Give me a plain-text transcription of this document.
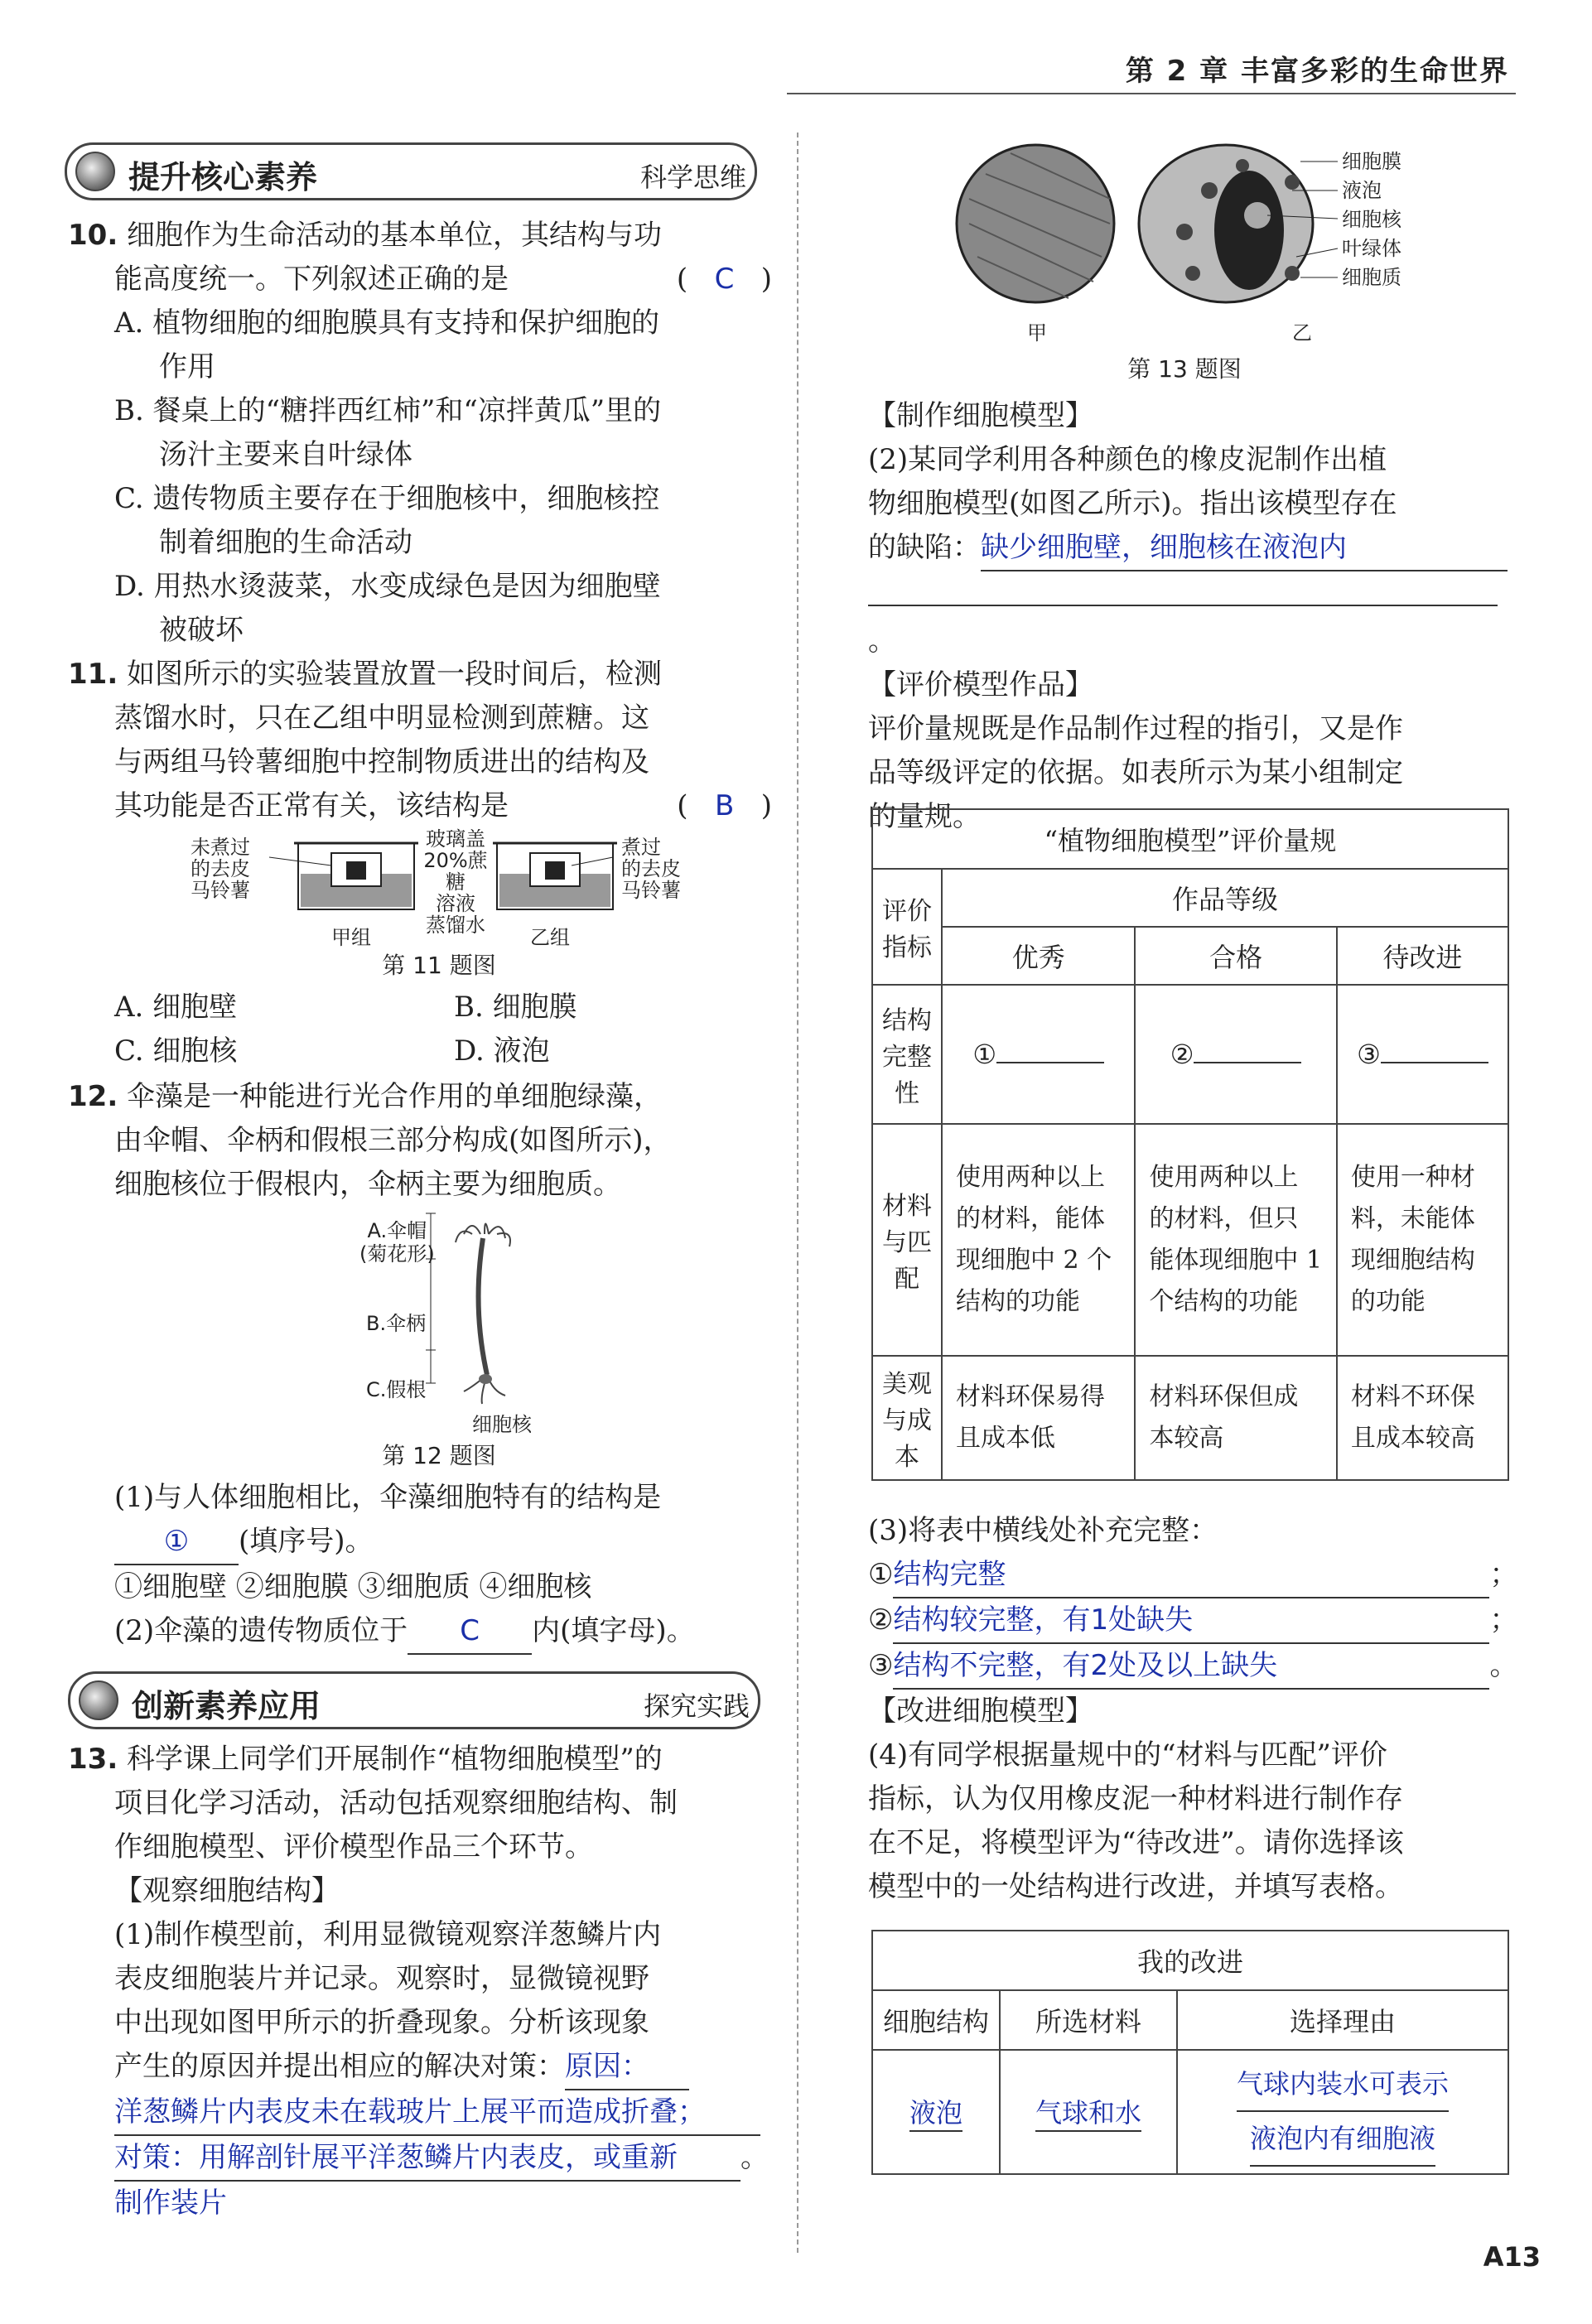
第 2 章 丰富多彩的生命世界
提升核心素养	科学思维
10. 细胞作为生命活动的基本单位，其结构与功
能高度统一。下列叙述正确的是	(   C   )
A. 植物细胞的细胞膜具有支持和保护细胞的
作用
B. 餐桌上的“糖拌西红柿”和“凉拌黄瓜”里的
汤汁主要来自叶绿体
C. 遗传物质主要存在于细胞核中，细胞核控
制着细胞的生命活动
D. 用热水烫菠菜，水变成绿色是因为细胞壁
被破坏
11. 如图所示的实验装置放置一段时间后，检测
蒸馏水时，只在乙组中明显检测到蔗糖。这
与两组马铃薯细胞中控制物质进出的结构及
其功能是否正常有关，该结构是	(   B   )
未煮过
的去皮
马铃薯
玻璃盖
20%蔗糖
溶液
蒸馏水
煮过
的去皮
马铃薯
甲组	乙组
第 11 题图
A. 细胞壁	B. 细胞膜
C. 细胞核	D. 液泡
12. 伞藻是一种能进行光合作用的单细胞绿藻，
由伞帽、伞柄和假根三部分构成(如图所示)，
细胞核位于假根内，伞柄主要为细胞质。
A.伞帽
(菊花形)
B.伞柄
C.假根
细胞核
第 12 题图
(1)与人体细胞相比，伞藻细胞特有的结构是
① (填序号)。
①细胞壁 ②细胞膜 ③细胞质 ④细胞核
(2)伞藻的遗传物质位于 C 内(填字母)。
创新素养应用	探究实践
13. 科学课上同学们开展制作“植物细胞模型”的
项目化学习活动，活动包括观察细胞结构、制
作细胞模型、评价模型作品三个环节。
【观察细胞结构】
(1)制作模型前，利用显微镜观察洋葱鳞片内
表皮细胞装片并记录。观察时，显微镜视野
中出现如图甲所示的折叠现象。分析该现象
产生的原因并提出相应的解决对策：原因：
洋葱鳞片内表皮未在载玻片上展平而造成折叠；
对策：用解剖针展平洋葱鳞片内表皮，或重新 。
制作装片
细胞膜
液泡
细胞核
叶绿体
细胞质
甲	乙
第 13 题图
【制作细胞模型】
(2)某同学利用各种颜色的橡皮泥制作出植
物细胞模型(如图乙所示)。指出该模型存在
的缺陷：缺少细胞壁，细胞核在液泡内
。
【评价模型作品】
评价量规既是作品制作过程的指引，又是作
品等级评定的依据。如表所示为某小组制定
的量规。
“植物细胞模型”评价量规			
评价指标	作品等级		
	优秀	合格	待改进
结构完整性	①	②	③
材料与匹配	使用两种以上的材料，能体现细胞中 2 个结构的功能	使用两种以上的材料，但只能体现细胞中 1 个结构的功能	使用一种材料，未能体现细胞结构的功能
美观与成本	材料环保易得且成本低	材料环保但成本较高	材料不环保且成本较高
(3)将表中横线处补充完整：
①结构完整	；
②结构较完整，有1处缺失	；
③结构不完整，有2处及以上缺失	。
【改进细胞模型】
(4)有同学根据量规中的“材料与匹配”评价
指标，认为仅用橡皮泥一种材料进行制作存
在不足，将模型评为“待改进”。请你选择该
模型中的一处结构进行改进，并填写表格。
我的改进		
细胞结构	所选材料	选择理由
液泡	气球和水	气球内装水可表示
液泡内有细胞液
A13
